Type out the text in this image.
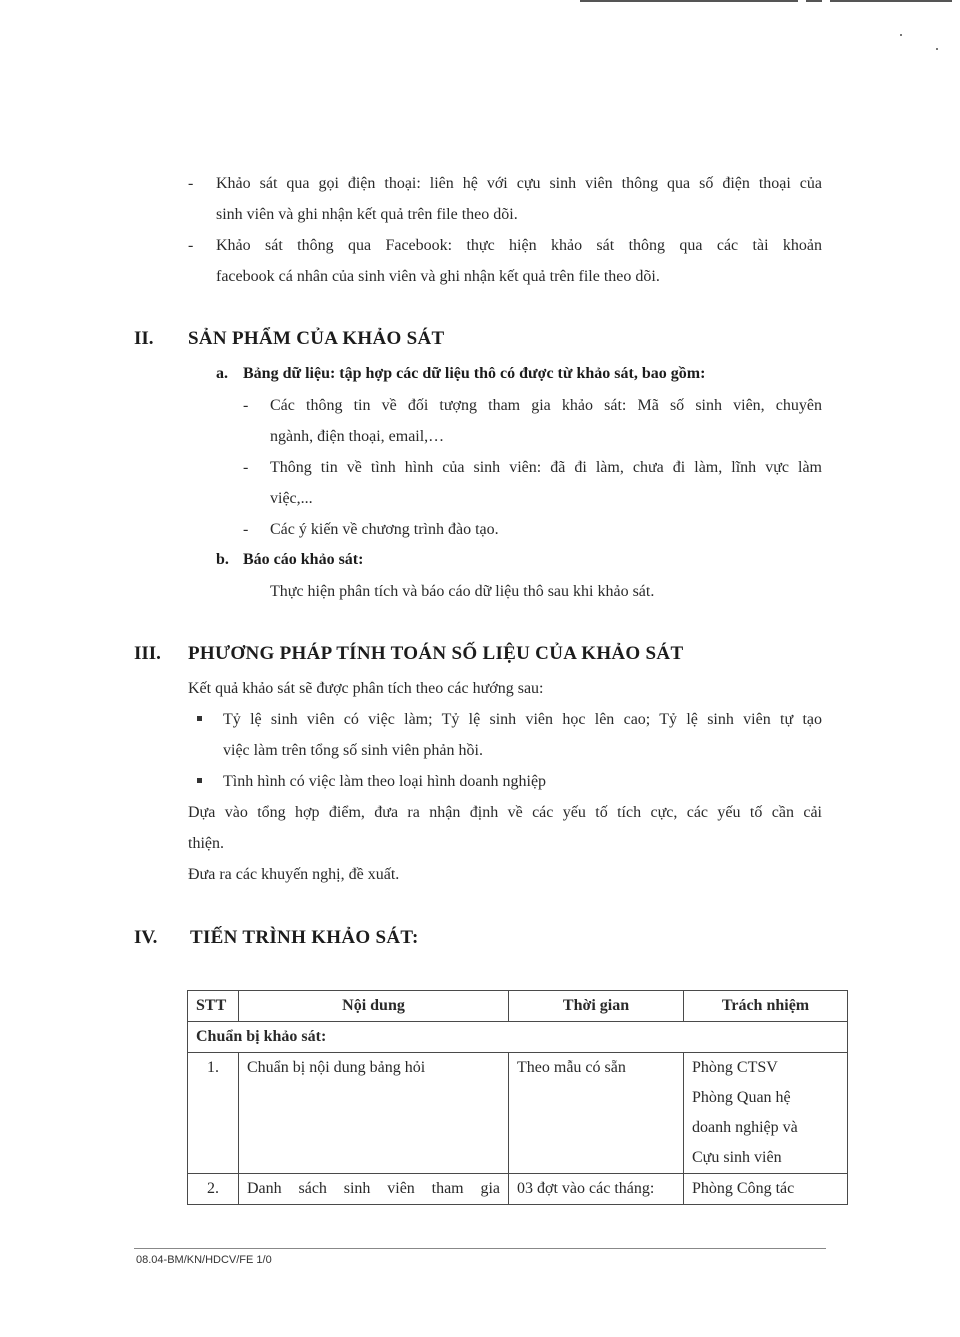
- Khảo sát qua gọi điện thoại: liên hệ với cựu sinh viên thông qua số điện thoại của
sinh viên và ghi nhận kết quả trên file theo dõi.
- Khảo sát thông qua Facebook: thực hiện khảo sát thông qua các tài khoản
facebook cá nhân của sinh viên và ghi nhận kết quả trên file theo dõi.
II. SẢN PHẨM CỦA KHẢO SÁT
a. Bảng dữ liệu: tập hợp các dữ liệu thô có được từ khảo sát, bao gồm:
- Các thông tin về đối tượng tham gia khảo sát: Mã số sinh viên, chuyên
ngành, điện thoại, email,…
- Thông tin về tình hình của sinh viên: đã đi làm, chưa đi làm, lĩnh vực làm
việc,...
- Các ý kiến về chương trình đào tạo.
b. Báo cáo khảo sát:
Thực hiện phân tích và báo cáo dữ liệu thô sau khi khảo sát.
III. PHƯƠNG PHÁP TÍNH TOÁN SỐ LIỆU CỦA KHẢO SÁT
Kết quả khảo sát sẽ được phân tích theo các hướng sau:
Tỷ lệ sinh viên có việc làm; Tỷ lệ sinh viên học lên cao; Tỷ lệ sinh viên tự tạo
việc làm trên tổng số sinh viên phản hồi.
Tình hình có việc làm theo loại hình doanh nghiệp
Dựa vào tổng hợp điểm, đưa ra nhận định về các yếu tố tích cực, các yếu tố cần cải
thiện.
Đưa ra các khuyến nghị, đề xuất.
IV. TIẾN TRÌNH KHẢO SÁT:
STT	Nội dung	Thời gian	Trách nhiệm
Chuẩn bị khảo sát:			
1.	Chuẩn bị nội dung bảng hỏi	Theo mẫu có sẵn	Phòng CTSV
Phòng Quan hệ
doanh nghiệp và
Cựu sinh viên

2.	Danh sách sinh viên tham gia	03 đợt vào các tháng:	Phòng Công tác
08.04-BM/KN/HDCV/FE 1/0
